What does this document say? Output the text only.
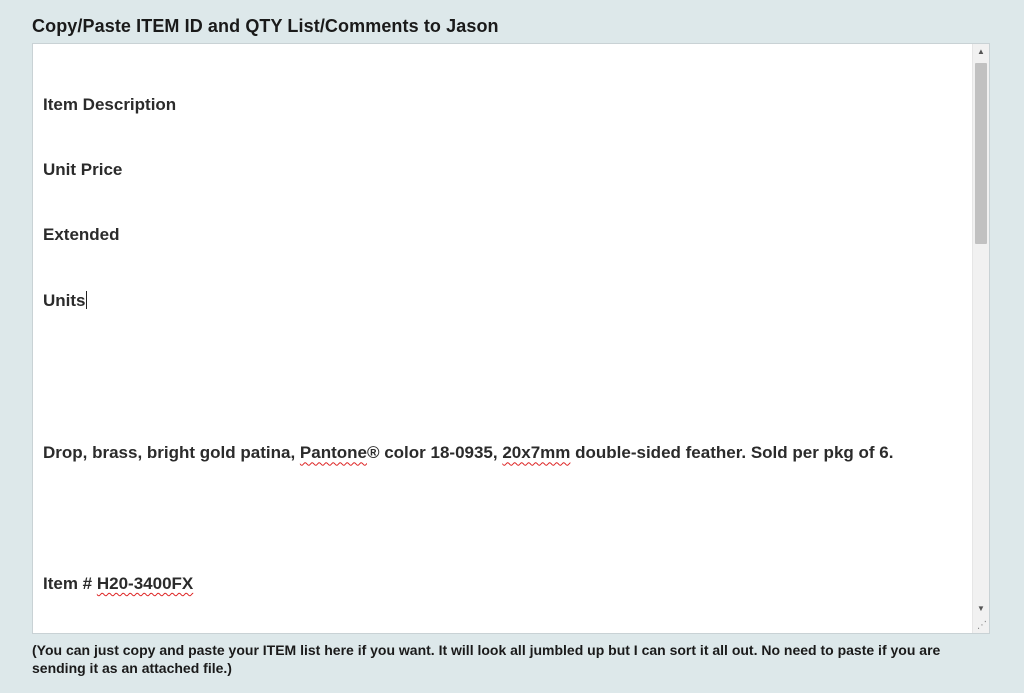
Copy/Paste ITEM ID and QTY List/Comments to Jason

Item Description

Unit Price

Extended

Units

Drop, brass, bright gold patina, Pantone® color 18-0935, 20x7mm double-sided feather. Sold per pkg of 6.

Item # H20-3400FX

▲
▼
⋰
(You can just copy and paste your ITEM list here if you want. It will look all jumbled up but I can sort it all out. No need to paste if you are sending it as an attached file.)
